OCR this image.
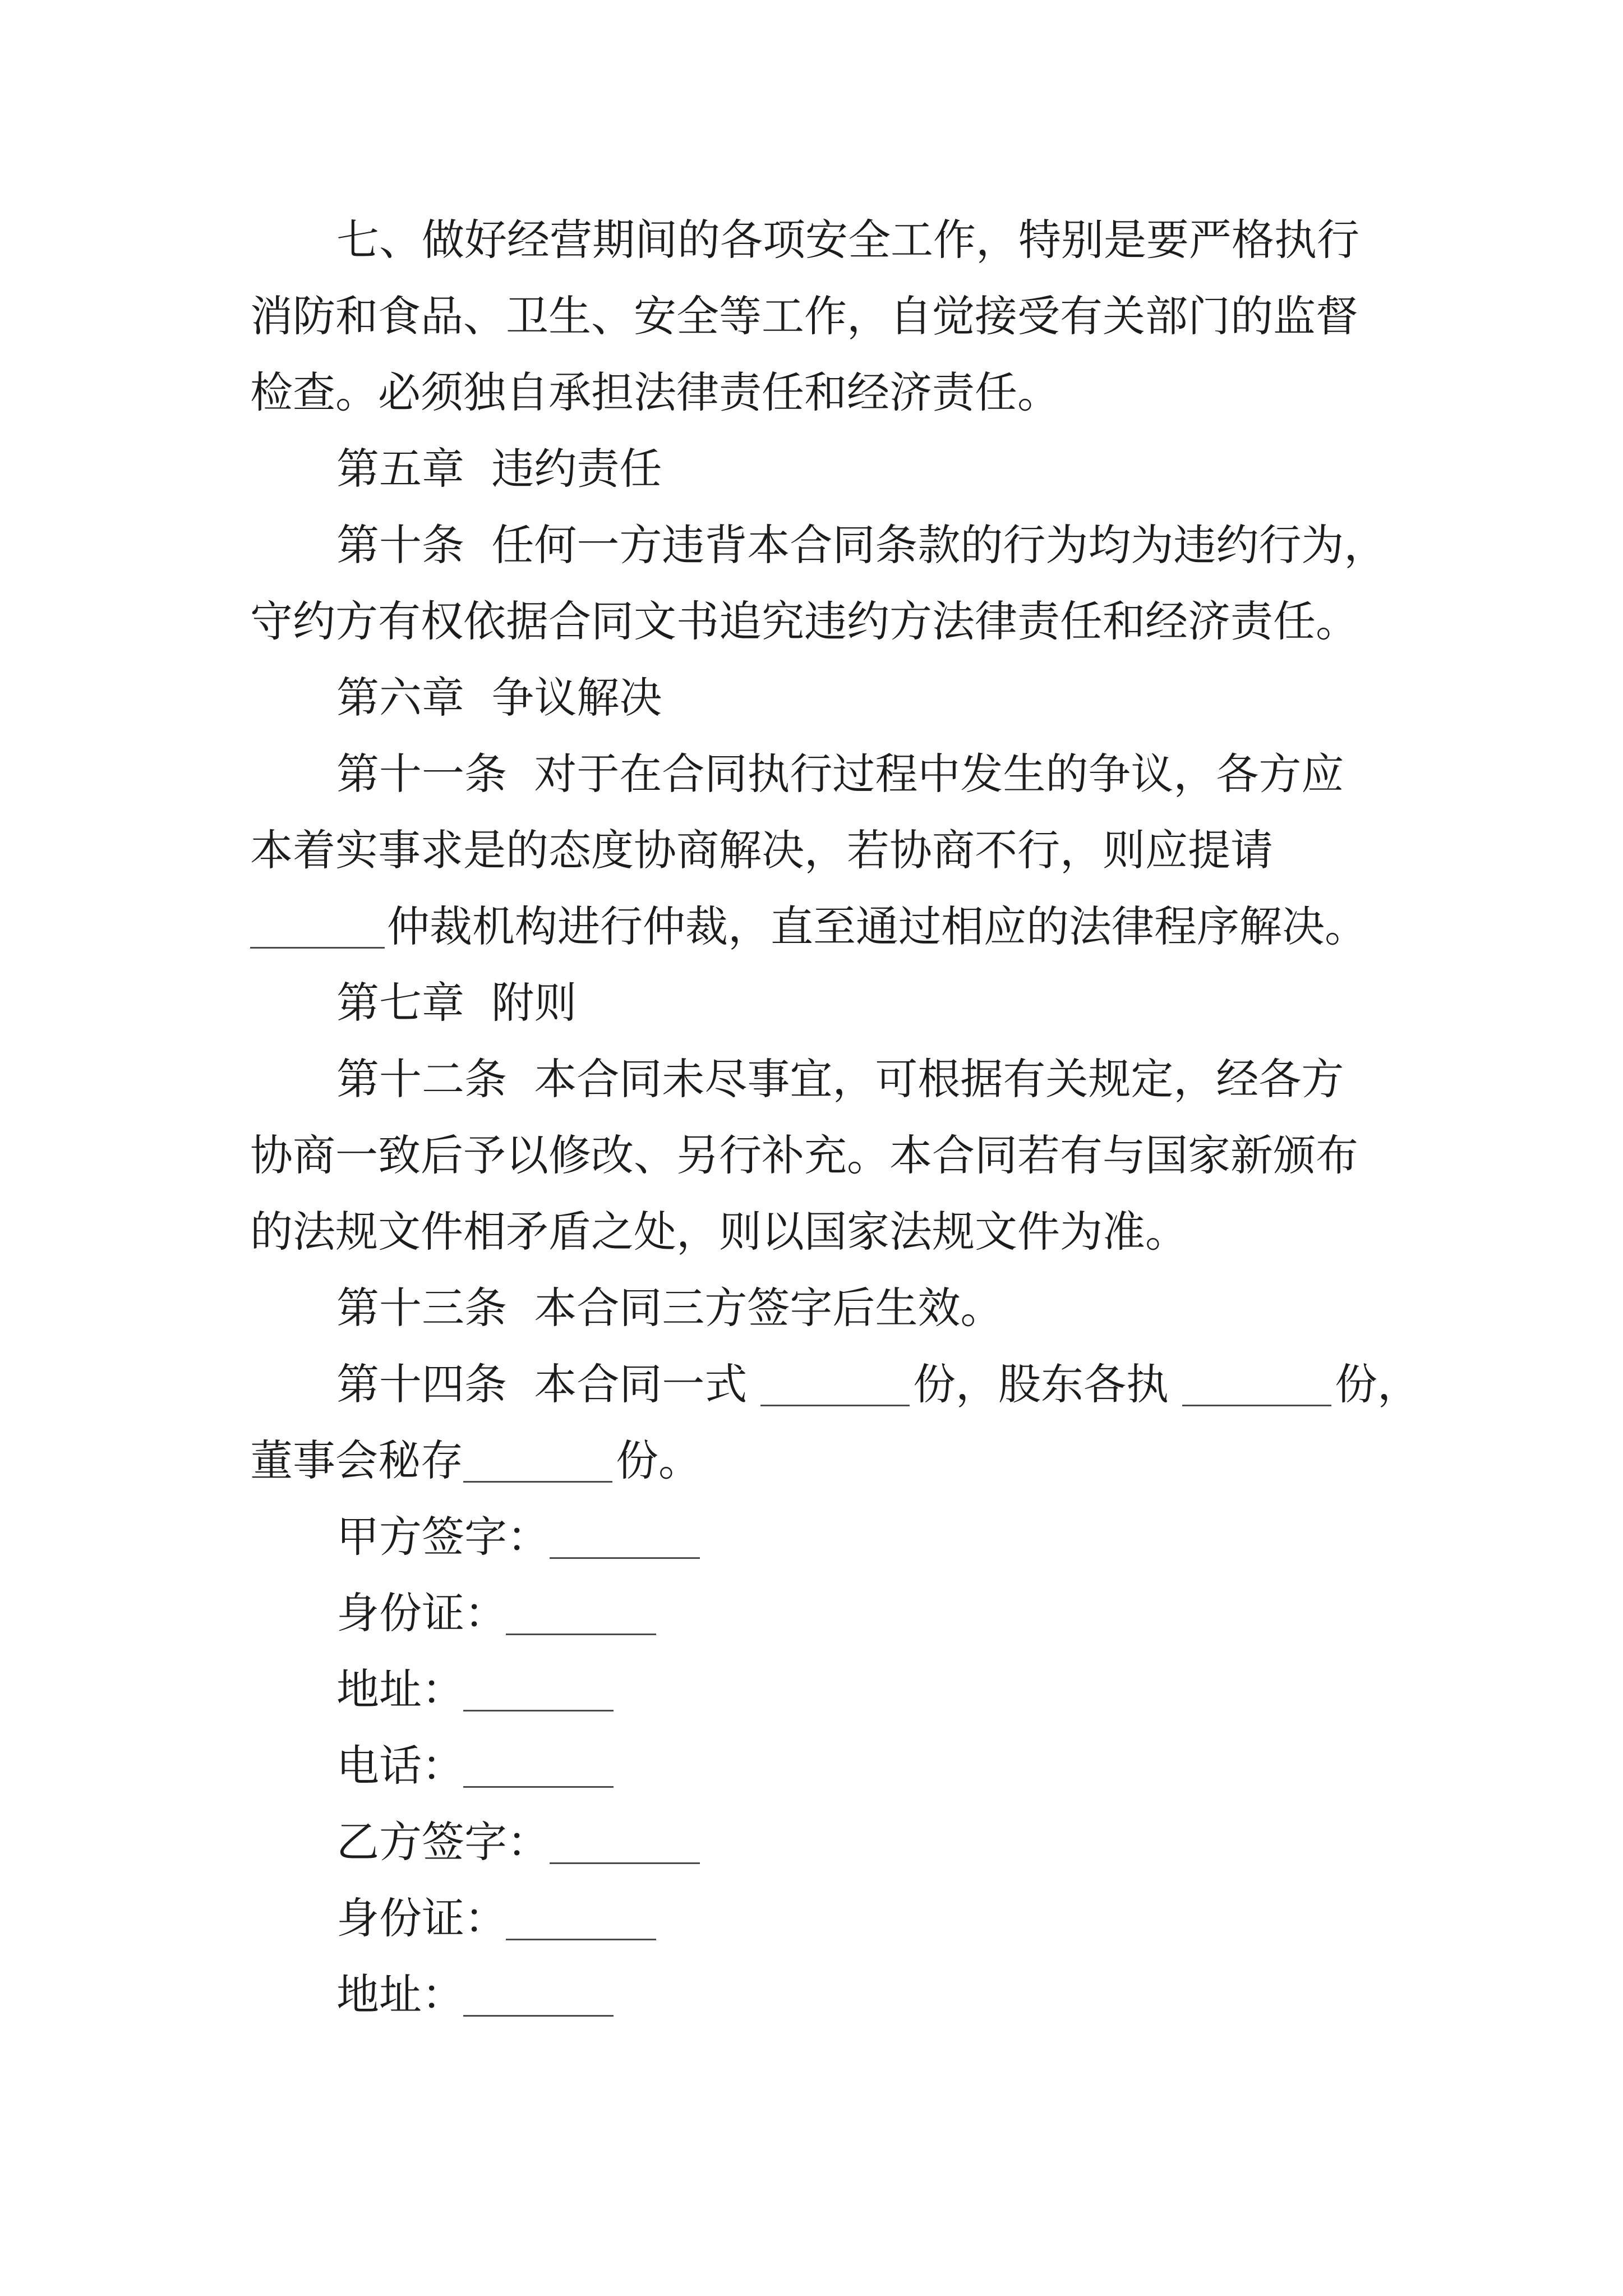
七、做好经营期间的各项安全工作，特别是要严格执行
消防和食品、卫生、安全等工作，自觉接受有关部门的监督
检查。必须独自承担法律责任和经济责任。
第五章  违约责任
第十条  任何一方违背本合同条款的行为均为违约行为，
守约方有权依据合同文书追究违约方法律责任和经济责任。
第六章  争议解决
第十一条  对于在合同执行过程中发生的争议，各方应
本着实事求是的态度协商解决，若协商不行，则应提请
仲裁机构进行仲裁，直至通过相应的法律程序解决。
第七章  附则
第十二条  本合同未尽事宜，可根据有关规定，经各方
协商一致后予以修改、另行补充。本合同若有与国家新颁布
的法规文件相矛盾之处，则以国家法规文件为准。
第十三条  本合同三方签字后生效。
第十四条  本合同一式	份，股东各执	份，
董事会秘存	份。
甲方签字：
身份证：
地址：
电话：
乙方签字：
身份证：
地址：
